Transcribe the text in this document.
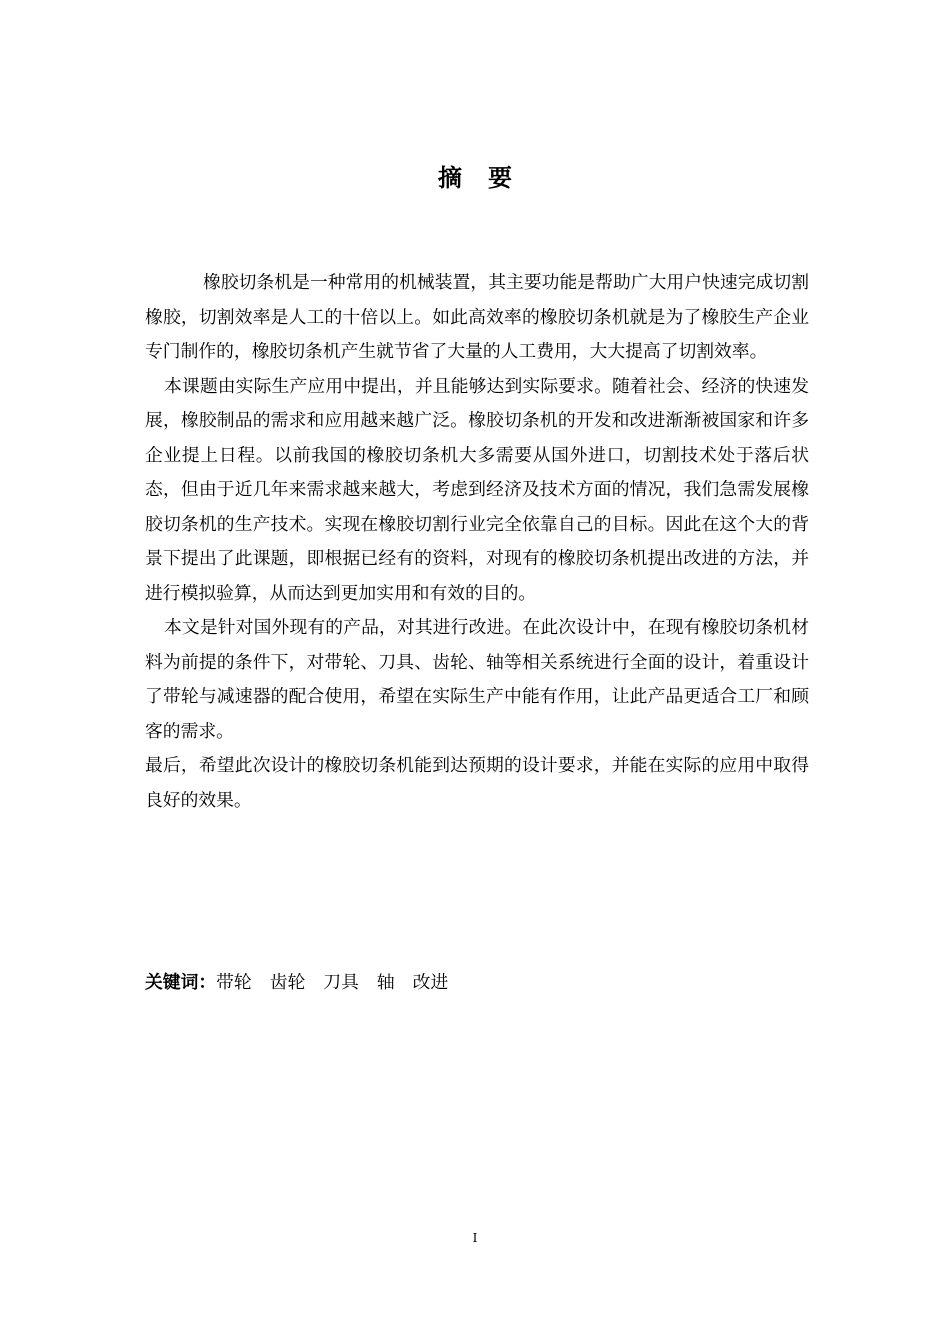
摘要

橡胶切条机是一种常用的机械装置，其主要功能是帮助广大用户快速完成切割橡胶，切割效率是人工的十倍以上。如此高效率的橡胶切条机就是为了橡胶生产企业专门制作的，橡胶切条机产生就节省了大量的人工费用，大大提高了切割效率。

本课题由实际生产应用中提出，并且能够达到实际要求。随着社会、经济的快速发展，橡胶制品的需求和应用越来越广泛。橡胶切条机的开发和改进渐渐被国家和许多企业提上日程。以前我国的橡胶切条机大多需要从国外进口，切割技术处于落后状态，但由于近几年来需求越来越大，考虑到经济及技术方面的情况，我们急需发展橡胶切条机的生产技术。实现在橡胶切割行业完全依靠自己的目标。因此在这个大的背景下提出了此课题，即根据已经有的资料，对现有的橡胶切条机提出改进的方法，并进行模拟验算，从而达到更加实用和有效的目的。

本文是针对国外现有的产品，对其进行改进。在此次设计中，在现有橡胶切条机材料为前提的条件下，对带轮、刀具、齿轮、轴等相关系统进行全面的设计，着重设计了带轮与减速器的配合使用，希望在实际生产中能有作用，让此产品更适合工厂和顾客的需求。

最后，希望此次设计的橡胶切条机能到达预期的设计要求，并能在实际的应用中取得良好的效果。

关键词：带轮 齿轮 刀具 轴 改进
I
